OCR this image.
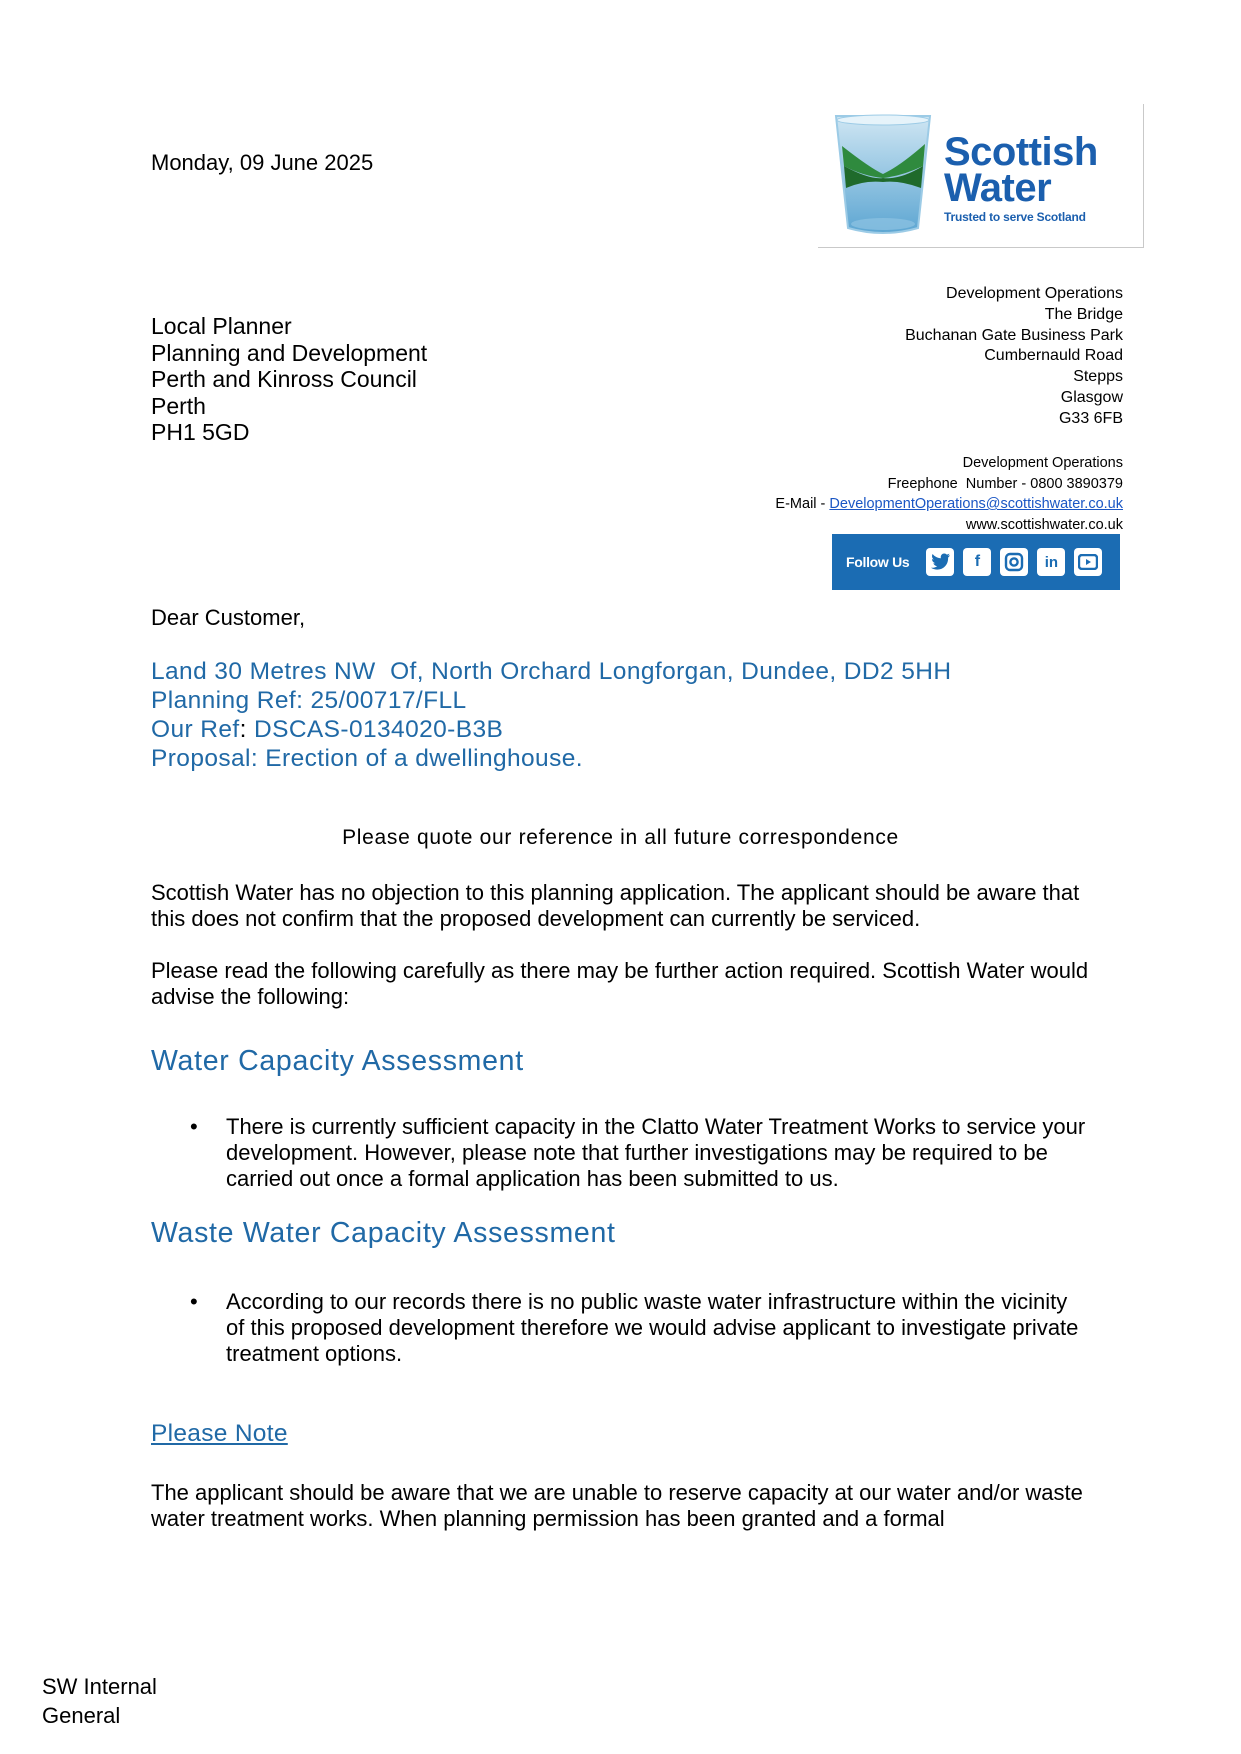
Monday, 09 June 2025	Scottish
Water
Trusted to serve Scotland
Local Planner
Planning and Development
Perth and Kinross Council
Perth
PH1 5GD
Development Operations
The Bridge
Buchanan Gate Business Park
Cumbernauld Road
Stepps
Glasgow
G33 6FB
Development Operations
Freephone  Number - 0800 3890379
E-Mail - DevelopmentOperations@scottishwater.co.uk
www.scottishwater.co.uk
Follow Us	f	in
Dear Customer,
Land 30 Metres NW  Of, North Orchard Longforgan, Dundee, DD2 5HH
Planning Ref: 25/00717/FLL
Our Ref: DSCAS-0134020-B3B
Proposal: Erection of a dwellinghouse.
Please quote our reference in all future correspondence
Scottish Water has no objection to this planning application. The applicant should be aware that this does not confirm that the proposed development can currently be serviced.
Please read the following carefully as there may be further action required. Scottish Water would advise the following:
Water Capacity Assessment
• There is currently sufficient capacity in the Clatto Water Treatment Works to service your development. However, please note that further investigations may be required to be carried out once a formal application has been submitted to us.
Waste Water Capacity Assessment
• According to our records there is no public waste water infrastructure within the vicinity of this proposed development therefore we would advise applicant to investigate private treatment options.
Please Note
The applicant should be aware that we are unable to reserve capacity at our water and/or waste water treatment works. When planning permission has been granted and a formal
SW Internal
General
